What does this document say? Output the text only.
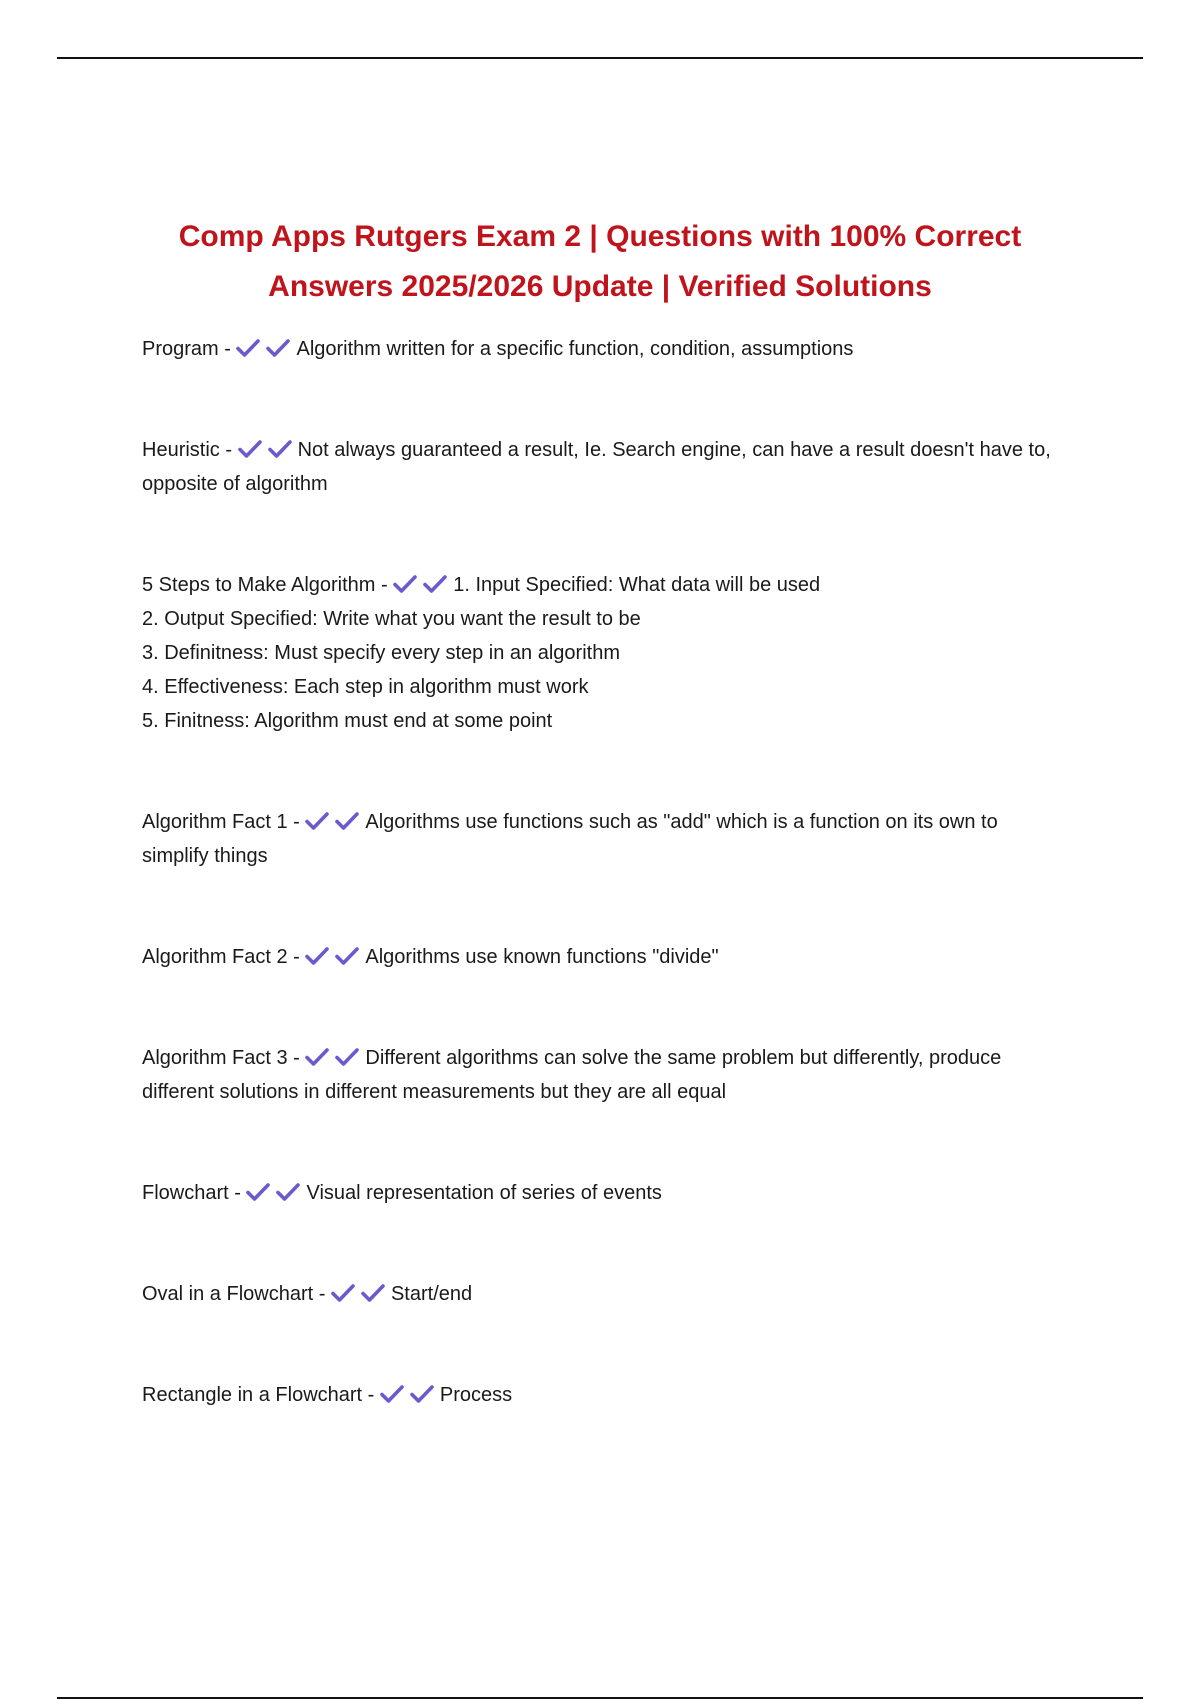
Comp Apps Rutgers Exam 2 | Questions with 100% Correct
Answers 2025/2026 Update | Verified Solutions

Program -	Algorithm written for a specific function, condition, assumptions

Heuristic -	Not always guaranteed a result, Ie. Search engine, can have a result doesn't have to, opposite of algorithm

5 Steps to Make Algorithm -	1. Input Specified: What data will be used

2. Output Specified: Write what you want the result to be

3. Definitness: Must specify every step in an algorithm

4. Effectiveness: Each step in algorithm must work

5. Finitness: Algorithm must end at some point

Algorithm Fact 1 -	Algorithms use functions such as "add" which is a function on its own to simplify things

Algorithm Fact 2 -	Algorithms use known functions "divide"

Algorithm Fact 3 -	Different algorithms can solve the same problem but differently, produce different solutions in different measurements but they are all equal

Flowchart -	Visual representation of series of events

Oval in a Flowchart -	Start/end

Rectangle in a Flowchart -	Process
